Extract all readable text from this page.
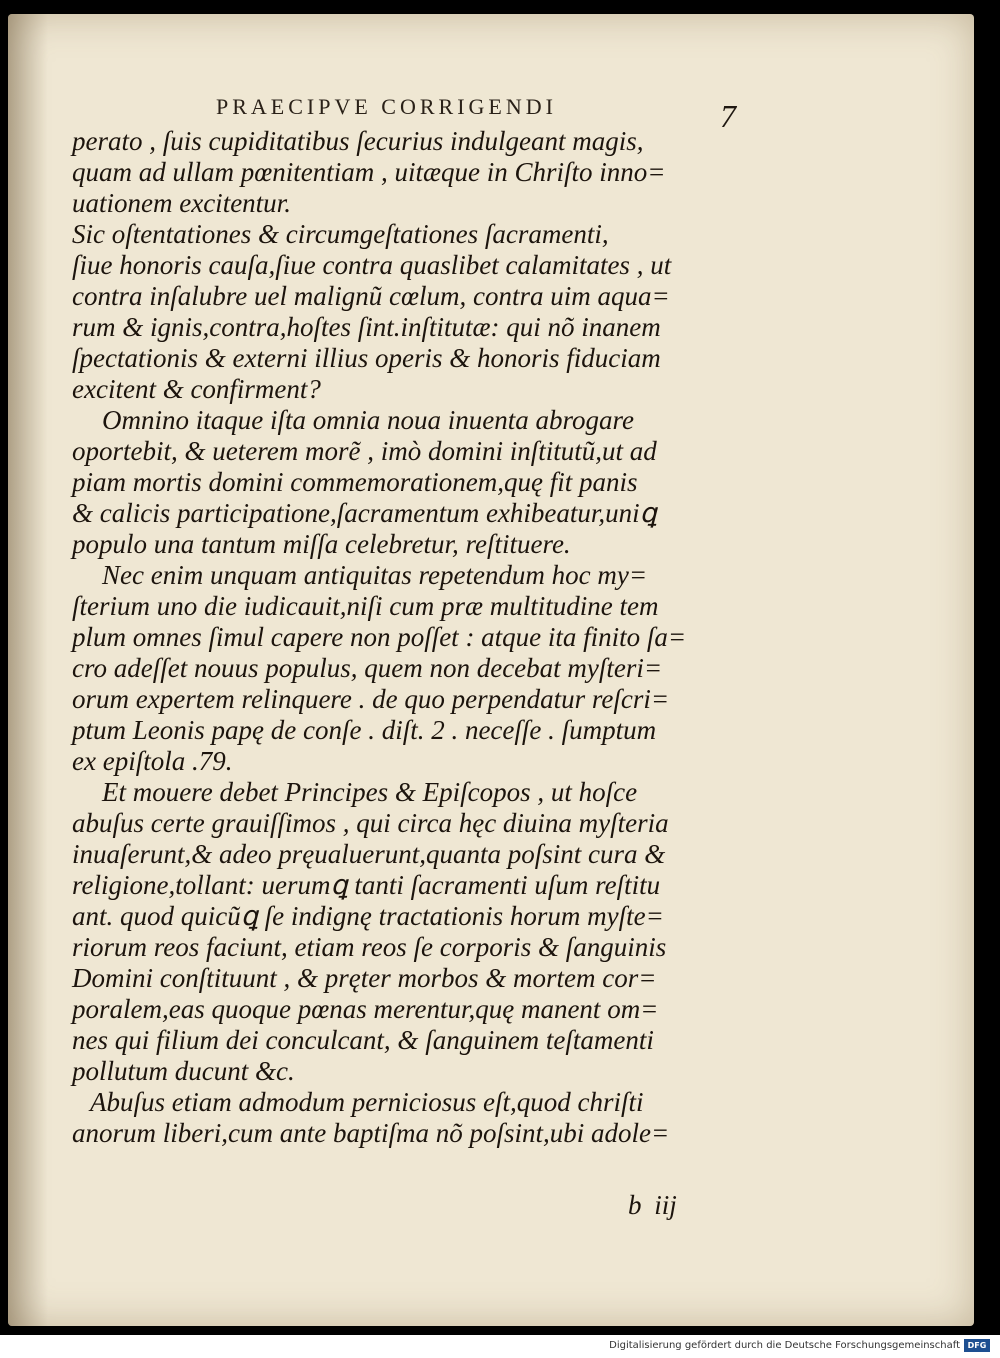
PRAECIPVE CORRIGENDI	7
perato , ſuis cupiditatibus ſecurius indulgeant magis,
quam ad ullam pœnitentiam , uitæque in Chriſto inno=
uationem excitentur.
Sic oſtentationes & circumgeſtationes ſacramenti,
ſiue honoris cauſa,ſiue contra quaslibet calamitates , ut
contra inſalubre uel malignũ cœlum, contra uim aqua=
rum & ignis,contra,hoſtes ſint.inſtitutæ: qui nõ inanem
ſpectationis & externi illius operis & honoris fiduciam
excitent & confirment?
Omnino itaque iſta omnia noua inuenta abrogare
oportebit, & ueterem morẽ , imò domini inſtitutũ,ut ad
piam mortis domini commemorationem,quę fit panis
& calicis participatione,ſacramentum exhibeatur,uniꝗ
populo una tantum miſſa celebretur, reſtituere.
Nec enim unquam antiquitas repetendum hoc my=
ſterium uno die iudicauit,niſi cum præ multitudine tem
plum omnes ſimul capere non poſſet : atque ita finito ſa=
cro adeſſet nouus populus, quem non decebat myſteri=
orum expertem relinquere . de quo perpendatur reſcri=
ptum Leonis papę de conſe . diſt. 2 . neceſſe . ſumptum
ex epiſtola .79.
Et mouere debet Principes & Epiſcopos , ut hoſce
abuſus certe grauiſſimos , qui circa hęc diuina myſteria
inuaſerunt,& adeo pręualuerunt,quanta poſsint cura &
religione,tollant: uerumꝗ tanti ſacramenti uſum reſtitu
ant. quod quicũꝗ ſe indignę tractationis horum myſte=
riorum reos faciunt, etiam reos ſe corporis & ſanguinis
Domini conſtituunt , & pręter morbos & mortem cor=
poralem,eas quoque pœnas merentur,quę manent om=
nes qui filium dei conculcant, & ſanguinem teſtamenti
pollutum ducunt &c.
Abuſus etiam admodum perniciosus eſt,quod chriſti
anorum liberi,cum ante baptiſma nõ poſsint,ubi adole=
b iij
Digitalisierung gefördert durch die Deutsche Forschungsgemeinschaft DFG
